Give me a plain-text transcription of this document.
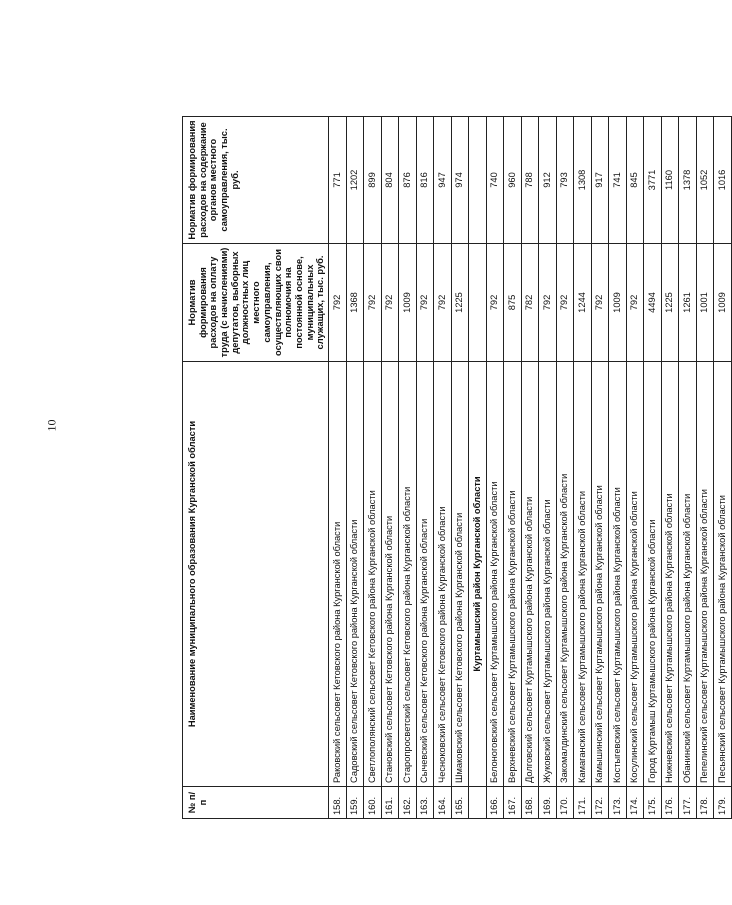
10
№ п/п	Наименование муниципального образования Курганской области	Норматив формирования расходов на оплату труда (с начислениями) депутатов, выборных должностных лиц местного самоуправления, осуществляющих свои полномочия на постоянной основе, муниципальных служащих, тыс. руб.	Норматив формирования расходов на содержание органов местного самоуправления, тыс. руб.
158.	Раковский сельсовет Кетовского района Курганской области	792	771
159.	Садовский сельсовет Кетовского района Курганской области	1368	1202
160.	Светлополянский сельсовет Кетовского района Курганской области	792	899
161.	Становский сельсовет Кетовского района Курганской области	792	804
162.	Старопросветский сельсовет Кетовского района Курганской области	1009	876
163.	Сычевский сельсовет Кетовского района Курганской области	792	816
164.	Чесноковский сельсовет Кетовского района Курганской области	792	947
165.	Шмаковский сельсовет Кетовского района Курганской области	1225	974
	Куртамышский район Курганской области		
166.	Белоноговский сельсовет Куртамышского района Курганской области	792	740
167.	Верхневский сельсовет Куртамышского района Курганской области	875	960
168.	Долговский сельсовет Куртамышского района Курганской области	782	788
169.	Жуковский сельсовет Куртамышского района Курганской области	792	912
170.	Закомалдинский сельсовет Куртамышского района Курганской области	792	793
171.	Камаганский сельсовет Куртамышского района Курганской области	1244	1308
172.	Камышинский сельсовет Куртамышского района Курганской области	792	917
173.	Костыгевский сельсовет Куртамышского района Курганской области	1009	741
174.	Косулинский сельсовет Куртамышского района Курганской области	792	845
175.	Город Куртамыш Куртамышского района Курганской области	4494	3771
176.	Нижневский сельсовет Куртамышского района Курганской области	1225	1160
177.	Обанинский сельсовет Куртамышского района Курганской области	1261	1378
178.	Пепелинский сельсовет Куртамышского района Курганской области	1001	1052
179.	Песьянский сельсовет Куртамышского района Курганской области	1009	1016
